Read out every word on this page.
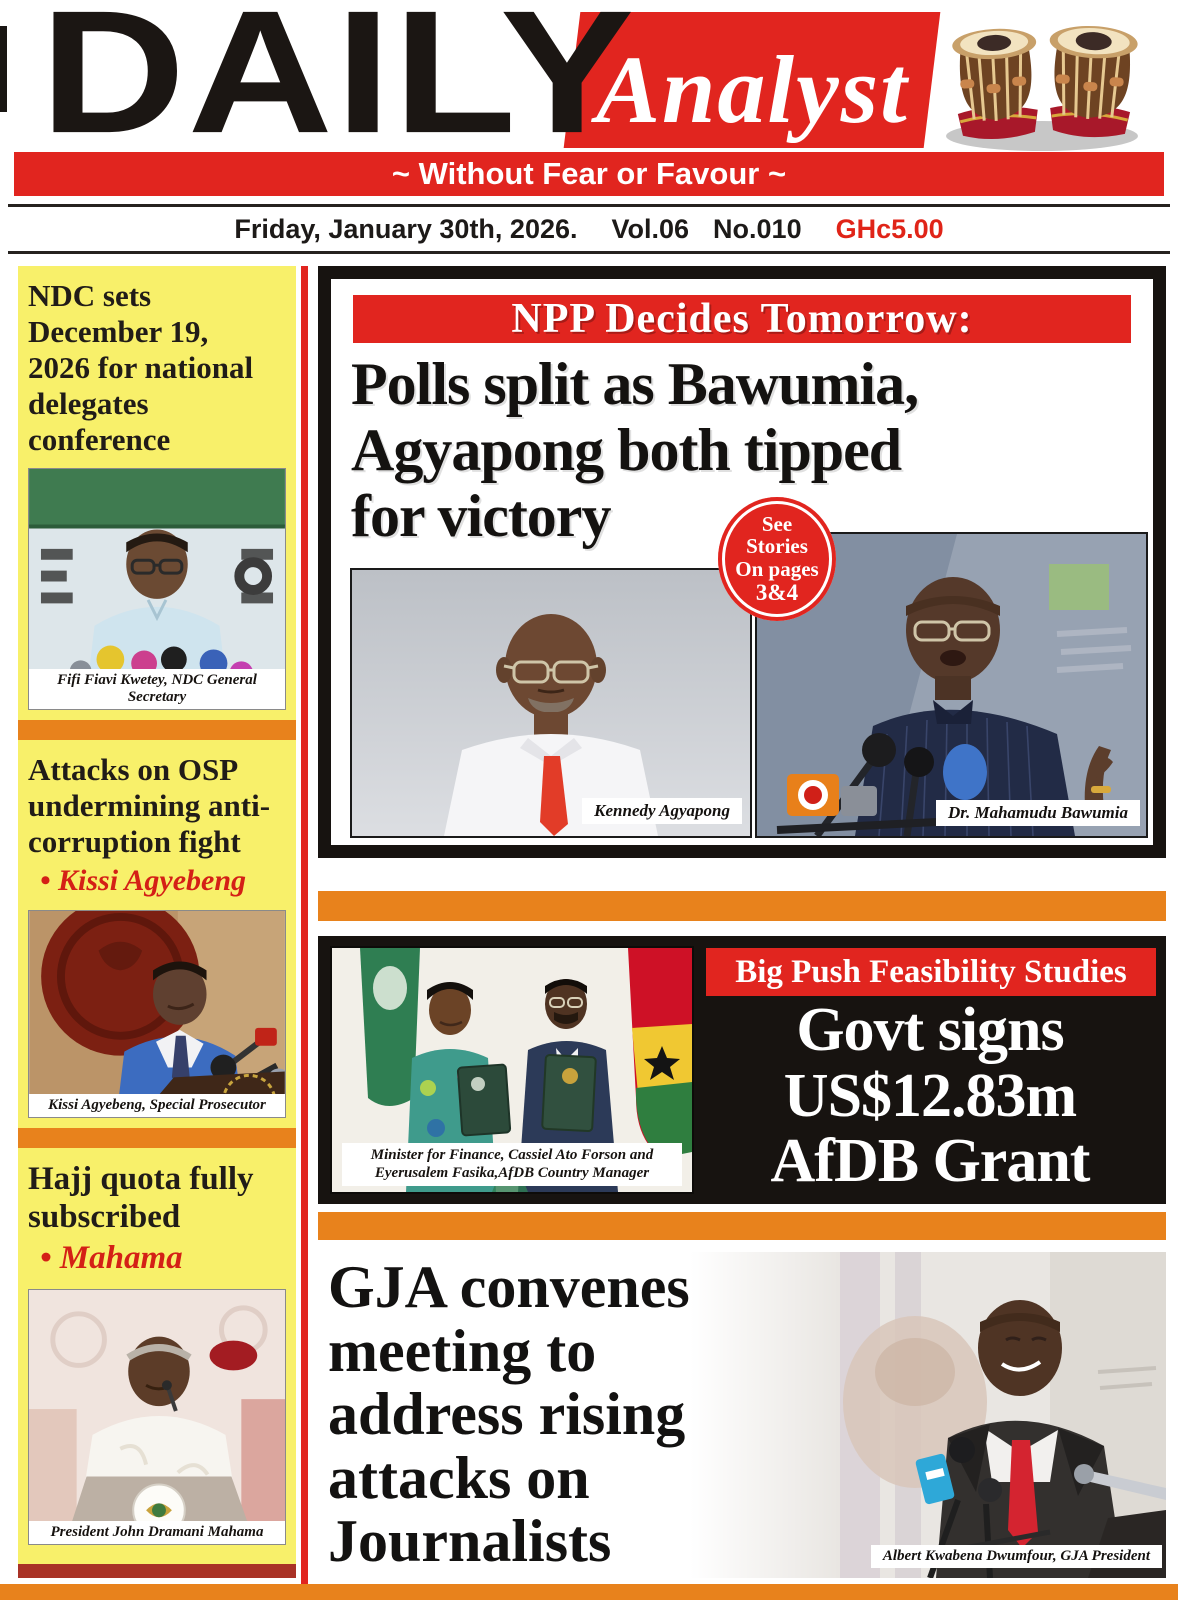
DAILY
Analyst
~ Without Fear or Favour ~
Friday, January 30th, 2026. Vol.06 No.010 GHc5.00
NDC sets
December 19,
2026 for national
delegates
conference
Fifi Fiavi Kwetey, NDC General Secretary
Attacks on OSP
undermining anti-
corruption fight
• Kissi Agyebeng
Kissi Agyebeng, Special Prosecutor
Hajj quota fully
subscribed
• Mahama
President John Dramani Mahama
NPP Decides Tomorrow:
Polls split as Bawumia,
Agyapong both tipped
for victory
Kennedy Agyapong	Dr. Mahamudu Bawumia
See
Stories
On pages
3&4
Minister for Finance, Cassiel Ato Forson and
Eyerusalem Fasika,AfDB Country Manager
Big Push Feasibility Studies
Govt signs
US$12.83m
AfDB Grant
Albert Kwabena Dwumfour, GJA President
GJA convenes
meeting to
address rising
attacks on
Journalists
